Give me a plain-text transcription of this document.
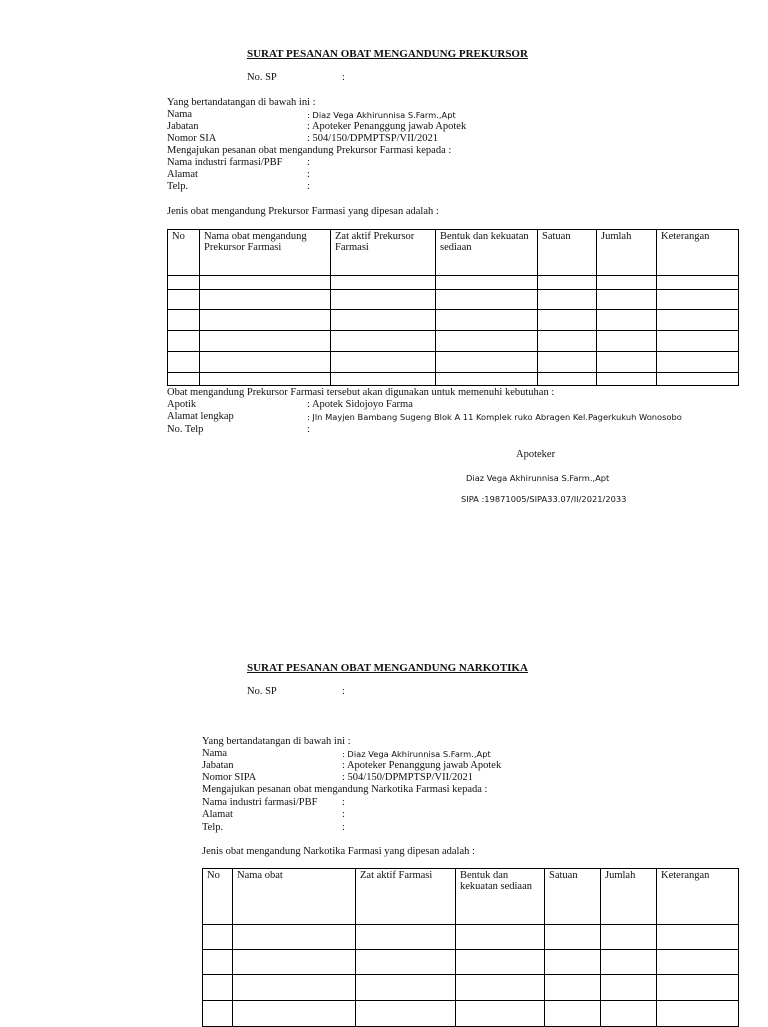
SURAT PESANAN OBAT MENGANDUNG PREKURSOR
No. SP	:
Yang bertandatangan di bawah ini :
Nama	: Diaz Vega Akhirunnisa S.Farm.,Apt
Jabatan	: Apoteker Penanggung jawab Apotek
Nomor SIA	: 504/150/DPMPTSP/VII/2021
Mengajukan pesanan obat mengandung Prekursor Farmasi kepada :
Nama industri farmasi/PBF :
Alamat	:
Telp.	:
Jenis obat mengandung Prekursor Farmasi yang dipesan adalah :
No	Nama obat mengandung Prekursor Farmasi	Zat aktif Prekursor Farmasi	Bentuk dan kekuatan sediaan	Satuan	Jumlah	Keterangan

Obat mengandung Prekursor Farmasi tersebut akan digunakan untuk memenuhi kebutuhan :
Apotik	: Apotek Sidojoyo Farma
Alamat lengkap	: Jln Mayjen Bambang Sugeng Blok A 11 Komplek ruko Abragen Kel.Pagerkukuh Wonosobo
No. Telp	:
Apoteker
Diaz Vega Akhirunnisa S.Farm.,Apt
SIPA :19871005/SIPA33.07/II/2021/2033
SURAT PESANAN OBAT MENGANDUNG NARKOTIKA
No. SP	:
Yang bertandatangan di bawah ini :
Nama	: Diaz Vega Akhirunnisa S.Farm.,Apt
Jabatan	: Apoteker Penanggung jawab Apotek
Nomor SIPA	: 504/150/DPMPTSP/VII/2021
Mengajukan pesanan obat mengandung Narkotika Farmasi kepada :
Nama industri farmasi/PBF :
Alamat	:
Telp.	:
Jenis obat mengandung Narkotika Farmasi yang dipesan adalah :
No	Nama obat	Zat aktif Farmasi	Bentuk dan kekuatan sediaan	Satuan	Jumlah	Keterangan
